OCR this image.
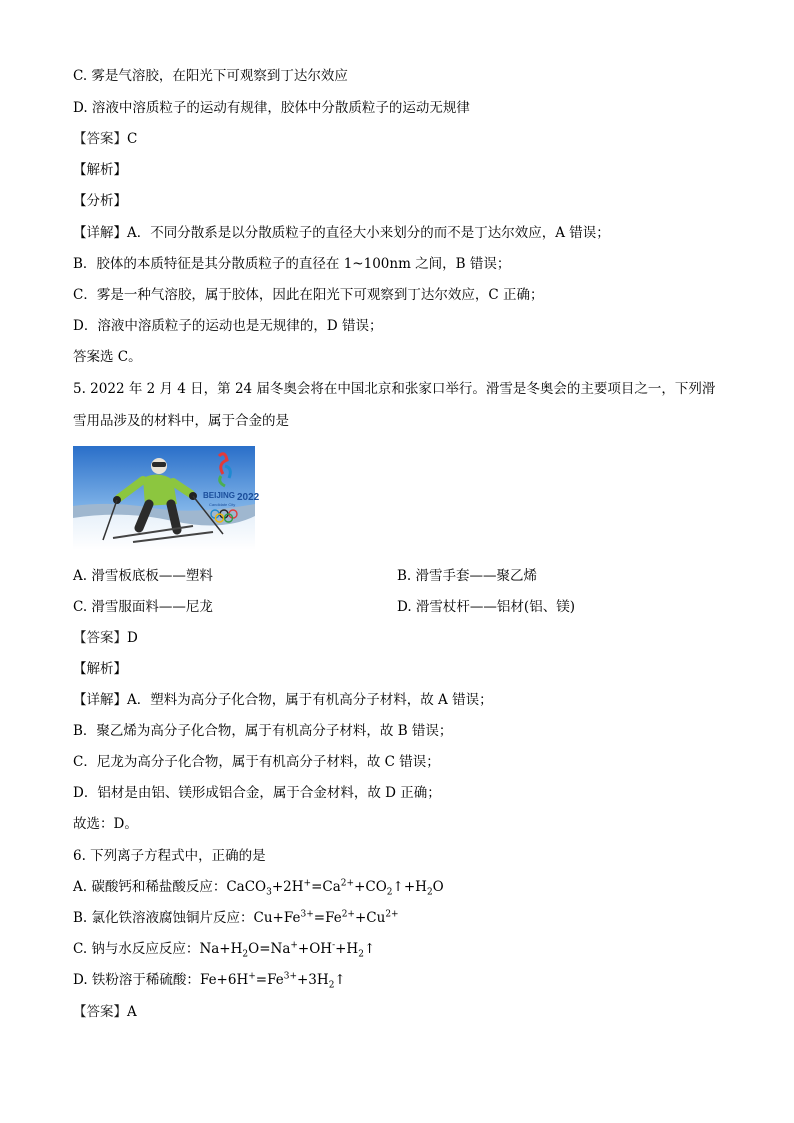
C. 雾是气溶胶，在阳光下可观察到丁达尔效应
D. 溶液中溶质粒子的运动有规律，胶体中分散质粒子的运动无规律
【答案】C
【解析】
【分析】
【详解】A．不同分散系是以分散质粒子的直径大小来划分的而不是丁达尔效应，A 错误；
B．胶体的本质特征是其分散质粒子的直径在 1~100nm 之间，B 错误；
C．雾是一种气溶胶，属于胶体，因此在阳光下可观察到丁达尔效应，C 正确；
D．溶液中溶质粒子的运动也是无规律的，D 错误；
答案选 C。
5. 2022 年 2 月 4 日，第 24 届冬奥会将在中国北京和张家口举行。滑雪是冬奥会的主要项目之一，下列滑
雪用品涉及的材料中，属于合金的是
BEIJING 2022
Candidate City
A. 滑雪板底板——塑料	B. 滑雪手套——聚乙烯
C. 滑雪服面料——尼龙	D. 滑雪杖杆——铝材(铝、镁)
【答案】D
【解析】
【详解】A．塑料为高分子化合物，属于有机高分子材料，故 A 错误；
B．聚乙烯为高分子化合物，属于有机高分子材料，故 B 错误；
C．尼龙为高分子化合物，属于有机高分子材料，故 C 错误；
D．铝材是由铝、镁形成铝合金，属于合金材料，故 D 正确；
故选：D。
6. 下列离子方程式中，正确的是
A. 碳酸钙和稀盐酸反应：$CaCO_3+2H^+=Ca^{2+}+CO_2↑+H_2O$
B. 氯化铁溶液腐蚀铜片反应：$Cu+Fe^{3+}=Fe^{2+}+Cu^{2+}$
C. 钠与水反应反应：$Na+H_2O=Na^++OH^-+H_2↑$
D. 铁粉溶于稀硫酸：$Fe+6H^+=Fe^{3+}+3H_2↑$
【答案】A
